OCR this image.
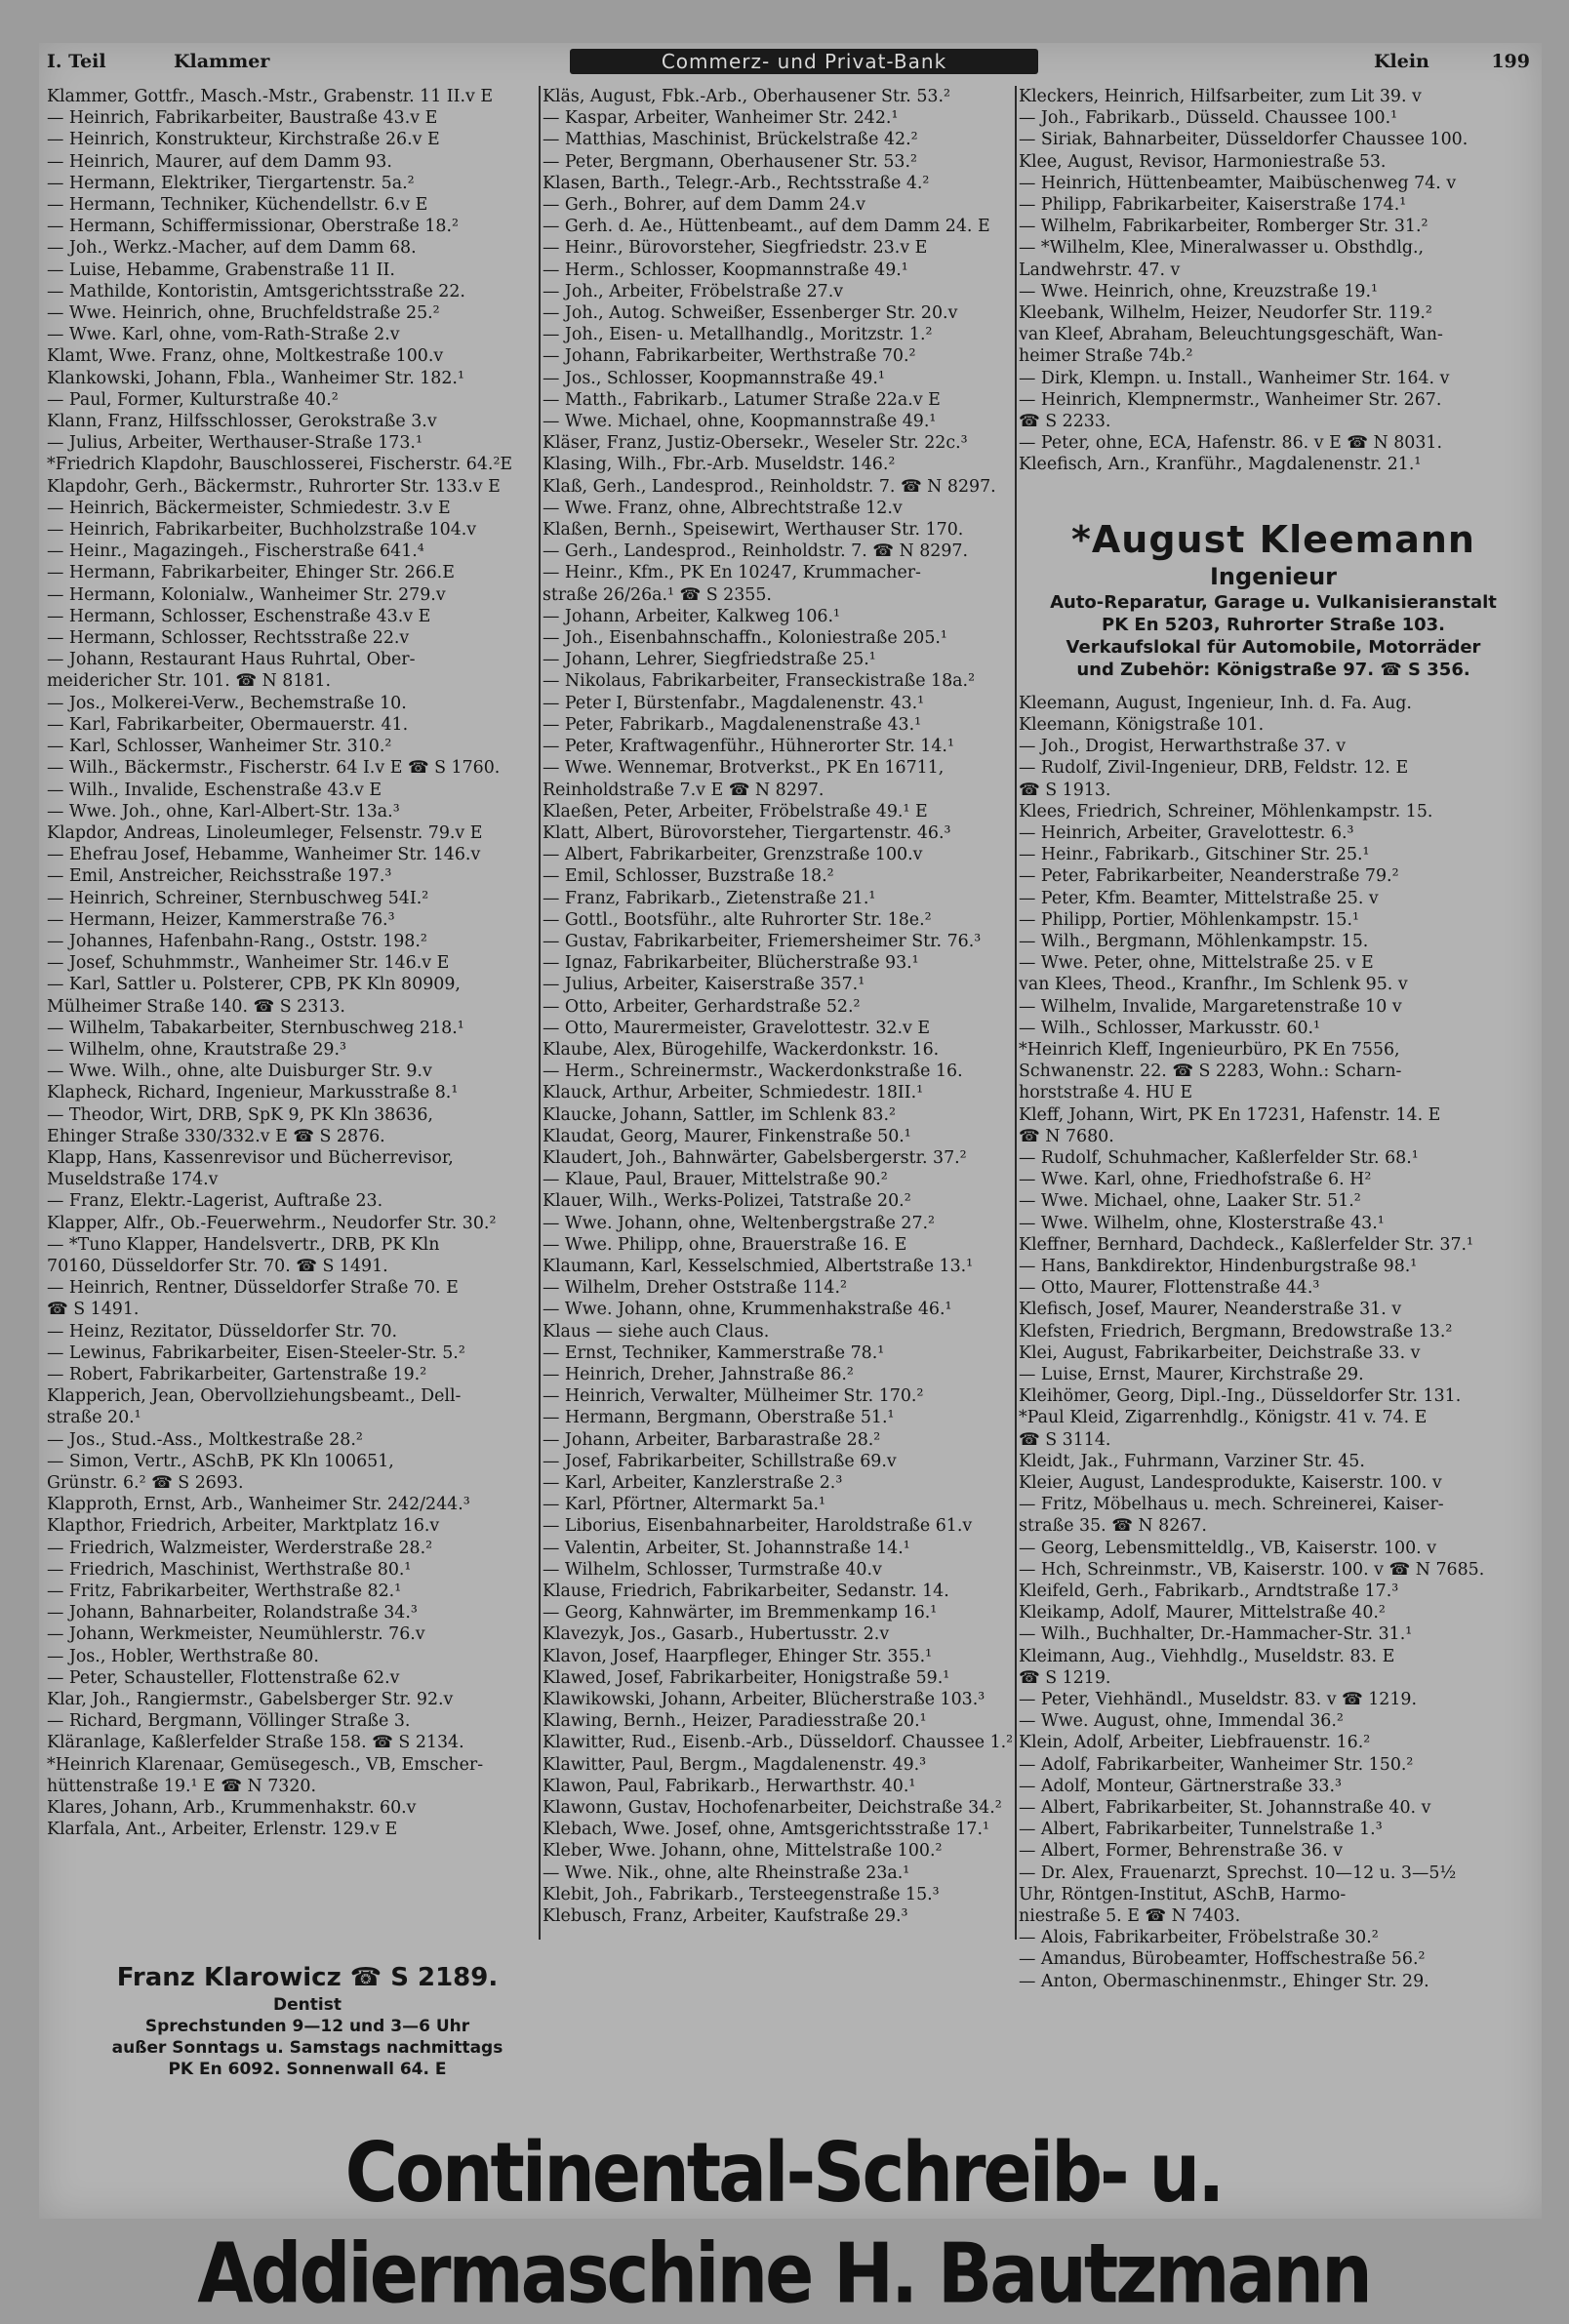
I. Teil	Klammer	Commerz- und Privat-Bank	Klein	199
Klammer, Gottfr., Masch.-Mstr., Grabenstr. 11 II.v E
— Heinrich, Fabrikarbeiter, Baustraße 43.v E
— Heinrich, Konstrukteur, Kirchstraße 26.v E
— Heinrich, Maurer, auf dem Damm 93.
— Hermann, Elektriker, Tiergartenstr. 5a.²
— Hermann, Techniker, Küchendellstr. 6.v E
— Hermann, Schiffermissionar, Oberstraße 18.²
— Joh., Werkz.-Macher, auf dem Damm 68.
— Luise, Hebamme, Grabenstraße 11 II.
— Mathilde, Kontoristin, Amtsgerichtsstraße 22.
— Wwe. Heinrich, ohne, Bruchfeldstraße 25.²
— Wwe. Karl, ohne, vom-Rath-Straße 2.v
Klamt, Wwe. Franz, ohne, Moltkestraße 100.v
Klankowski, Johann, Fbla., Wanheimer Str. 182.¹
— Paul, Former, Kulturstraße 40.²
Klann, Franz, Hilfsschlosser, Gerokstraße 3.v
— Julius, Arbeiter, Werthauser-Straße 173.¹
*Friedrich Klapdohr, Bauschlosserei, Fischerstr. 64.²E
Klapdohr, Gerh., Bäckermstr., Ruhrorter Str. 133.v E
— Heinrich, Bäckermeister, Schmiedestr. 3.v E
— Heinrich, Fabrikarbeiter, Buchholzstraße 104.v
— Heinr., Magazingeh., Fischerstraße 641.⁴
— Hermann, Fabrikarbeiter, Ehinger Str. 266.E
— Hermann, Kolonialw., Wanheimer Str. 279.v
— Hermann, Schlosser, Eschenstraße 43.v E
— Hermann, Schlosser, Rechtsstraße 22.v
— Johann, Restaurant Haus Ruhrtal, Ober-
meidericher Str. 101. ☎ N 8181.
— Jos., Molkerei-Verw., Bechemstraße 10.
— Karl, Fabrikarbeiter, Obermauerstr. 41.
— Karl, Schlosser, Wanheimer Str. 310.²
— Wilh., Bäckermstr., Fischerstr. 64 I.v E ☎ S 1760.
— Wilh., Invalide, Eschenstraße 43.v E
— Wwe. Joh., ohne, Karl-Albert-Str. 13a.³
Klapdor, Andreas, Linoleumleger, Felsenstr. 79.v E
— Ehefrau Josef, Hebamme, Wanheimer Str. 146.v
— Emil, Anstreicher, Reichsstraße 197.³
— Heinrich, Schreiner, Sternbuschweg 54I.²
— Hermann, Heizer, Kammerstraße 76.³
— Johannes, Hafenbahn-Rang., Oststr. 198.²
— Josef, Schuhmmstr., Wanheimer Str. 146.v E
— Karl, Sattler u. Polsterer, CPB, PK Kln 80909,
Mülheimer Straße 140. ☎ S 2313.
— Wilhelm, Tabakarbeiter, Sternbuschweg 218.¹
— Wilhelm, ohne, Krautstraße 29.³
— Wwe. Wilh., ohne, alte Duisburger Str. 9.v
Klapheck, Richard, Ingenieur, Markusstraße 8.¹
— Theodor, Wirt, DRB, SpK 9, PK Kln 38636,
Ehinger Straße 330/332.v E ☎ S 2876.
Klapp, Hans, Kassenrevisor und Bücherrevisor,
Museldstraße 174.v
— Franz, Elektr.-Lagerist, Auftraße 23.
Klapper, Alfr., Ob.-Feuerwehrm., Neudorfer Str. 30.²
— *Tuno Klapper, Handelsvertr., DRB, PK Kln
70160, Düsseldorfer Str. 70. ☎ S 1491.
— Heinrich, Rentner, Düsseldorfer Straße 70. E
☎ S 1491.
— Heinz, Rezitator, Düsseldorfer Str. 70.
— Lewinus, Fabrikarbeiter, Eisen-Steeler-Str. 5.²
— Robert, Fabrikarbeiter, Gartenstraße 19.²
Klapperich, Jean, Obervollziehungsbeamt., Dell-
straße 20.¹
— Jos., Stud.-Ass., Moltkestraße 28.²
— Simon, Vertr., ASchB, PK Kln 100651,
Grünstr. 6.² ☎ S 2693.
Klapproth, Ernst, Arb., Wanheimer Str. 242/244.³
Klapthor, Friedrich, Arbeiter, Marktplatz 16.v
— Friedrich, Walzmeister, Werderstraße 28.²
— Friedrich, Maschinist, Werthstraße 80.¹
— Fritz, Fabrikarbeiter, Werthstraße 82.¹
— Johann, Bahnarbeiter, Rolandstraße 34.³
— Johann, Werkmeister, Neumühlerstr. 76.v
— Jos., Hobler, Werthstraße 80.
— Peter, Schausteller, Flottenstraße 62.v
Klar, Joh., Rangiermstr., Gabelsberger Str. 92.v
— Richard, Bergmann, Völlinger Straße 3.
Kläranlage, Kaßlerfelder Straße 158. ☎ S 2134.
*Heinrich Klarenaar, Gemüsegesch., VB, Emscher-
hüttenstraße 19.¹ E ☎ N 7320.
Klares, Johann, Arb., Krummenhakstr. 60.v
Klarfala, Ant., Arbeiter, Erlenstr. 129.v E
Kläs, August, Fbk.-Arb., Oberhausener Str. 53.²
— Kaspar, Arbeiter, Wanheimer Str. 242.¹
— Matthias, Maschinist, Brückelstraße 42.²
— Peter, Bergmann, Oberhausener Str. 53.²
Klasen, Barth., Telegr.-Arb., Rechtsstraße 4.²
— Gerh., Bohrer, auf dem Damm 24.v
— Gerh. d. Ae., Hüttenbeamt., auf dem Damm 24. E
— Heinr., Bürovorsteher, Siegfriedstr. 23.v E
— Herm., Schlosser, Koopmannstraße 49.¹
— Joh., Arbeiter, Fröbelstraße 27.v
— Joh., Autog. Schweißer, Essenberger Str. 20.v
— Joh., Eisen- u. Metallhandlg., Moritzstr. 1.²
— Johann, Fabrikarbeiter, Werthstraße 70.²
— Jos., Schlosser, Koopmannstraße 49.¹
— Matth., Fabrikarb., Latumer Straße 22a.v E
— Wwe. Michael, ohne, Koopmannstraße 49.¹
Kläser, Franz, Justiz-Obersekr., Weseler Str. 22c.³
Klasing, Wilh., Fbr.-Arb. Museldstr. 146.²
Klaß, Gerh., Landesprod., Reinholdstr. 7. ☎ N 8297.
— Wwe. Franz, ohne, Albrechtstraße 12.v
Klaßen, Bernh., Speisewirt, Werthauser Str. 170.
— Gerh., Landesprod., Reinholdstr. 7. ☎ N 8297.
— Heinr., Kfm., PK En 10247, Krummacher-
straße 26/26a.¹ ☎ S 2355.
— Johann, Arbeiter, Kalkweg 106.¹
— Joh., Eisenbahnschaffn., Koloniestraße 205.¹
— Johann, Lehrer, Siegfriedstraße 25.¹
— Nikolaus, Fabrikarbeiter, Franseckistraße 18a.²
— Peter I, Bürstenfabr., Magdalenenstr. 43.¹
— Peter, Fabrikarb., Magdalenenstraße 43.¹
— Peter, Kraftwagenführ., Hühnerorter Str. 14.¹
— Wwe. Wennemar, Brotverkst., PK En 16711,
Reinholdstraße 7.v E ☎ N 8297.
Klaeßen, Peter, Arbeiter, Fröbelstraße 49.¹ E
Klatt, Albert, Bürovorsteher, Tiergartenstr. 46.³
— Albert, Fabrikarbeiter, Grenzstraße 100.v
— Emil, Schlosser, Buzstraße 18.²
— Franz, Fabrikarb., Zietenstraße 21.¹
— Gottl., Bootsführ., alte Ruhrorter Str. 18e.²
— Gustav, Fabrikarbeiter, Friemersheimer Str. 76.³
— Ignaz, Fabrikarbeiter, Blücherstraße 93.¹
— Julius, Arbeiter, Kaiserstraße 357.¹
— Otto, Arbeiter, Gerhardstraße 52.²
— Otto, Maurermeister, Gravelottestr. 32.v E
Klaube, Alex, Bürogehilfe, Wackerdonkstr. 16.
— Herm., Schreinermstr., Wackerdonkstraße 16.
Klauck, Arthur, Arbeiter, Schmiedestr. 18II.¹
Klaucke, Johann, Sattler, im Schlenk 83.²
Klaudat, Georg, Maurer, Finkenstraße 50.¹
Klaudert, Joh., Bahnwärter, Gabelsbergerstr. 37.²
— Klaue, Paul, Brauer, Mittelstraße 90.²
Klauer, Wilh., Werks-Polizei, Tatstraße 20.²
— Wwe. Johann, ohne, Weltenbergstraße 27.²
— Wwe. Philipp, ohne, Brauerstraße 16. E
Klaumann, Karl, Kesselschmied, Albertstraße 13.¹
— Wilhelm, Dreher Oststraße 114.²
— Wwe. Johann, ohne, Krummenhakstraße 46.¹
Klaus — siehe auch Claus.
— Ernst, Techniker, Kammerstraße 78.¹
— Heinrich, Dreher, Jahnstraße 86.²
— Heinrich, Verwalter, Mülheimer Str. 170.²
— Hermann, Bergmann, Oberstraße 51.¹
— Johann, Arbeiter, Barbarastraße 28.²
— Josef, Fabrikarbeiter, Schillstraße 69.v
— Karl, Arbeiter, Kanzlerstraße 2.³
— Karl, Pförtner, Altermarkt 5a.¹
— Liborius, Eisenbahnarbeiter, Haroldstraße 61.v
— Valentin, Arbeiter, St. Johannstraße 14.¹
— Wilhelm, Schlosser, Turmstraße 40.v
Klause, Friedrich, Fabrikarbeiter, Sedanstr. 14.
— Georg, Kahnwärter, im Bremmenkamp 16.¹
Klavezyk, Jos., Gasarb., Hubertusstr. 2.v
Klavon, Josef, Haarpfleger, Ehinger Str. 355.¹
Klawed, Josef, Fabrikarbeiter, Honigstraße 59.¹
Klawikowski, Johann, Arbeiter, Blücherstraße 103.³
Klawing, Bernh., Heizer, Paradiesstraße 20.¹
Klawitter, Rud., Eisenb.-Arb., Düsseldorf. Chaussee 1.²
Klawitter, Paul, Bergm., Magdalenenstr. 49.³
Klawon, Paul, Fabrikarb., Herwarthstr. 40.¹
Klawonn, Gustav, Hochofenarbeiter, Deichstraße 34.²
Klebach, Wwe. Josef, ohne, Amtsgerichtsstraße 17.¹
Kleber, Wwe. Johann, ohne, Mittelstraße 100.²
— Wwe. Nik., ohne, alte Rheinstraße 23a.¹
Klebit, Joh., Fabrikarb., Tersteegenstraße 15.³
Klebusch, Franz, Arbeiter, Kaufstraße 29.³
Kleckers, Heinrich, Hilfsarbeiter, zum Lit 39. v
— Joh., Fabrikarb., Düsseld. Chaussee 100.¹
— Siriak, Bahnarbeiter, Düsseldorfer Chaussee 100.
Klee, August, Revisor, Harmoniestraße 53.
— Heinrich, Hüttenbeamter, Maibüschenweg 74. v
— Philipp, Fabrikarbeiter, Kaiserstraße 174.¹
— Wilhelm, Fabrikarbeiter, Romberger Str. 31.²
— *Wilhelm, Klee, Mineralwasser u. Obsthdlg.,
Landwehrstr. 47. v
— Wwe. Heinrich, ohne, Kreuzstraße 19.¹
Kleebank, Wilhelm, Heizer, Neudorfer Str. 119.²
van Kleef, Abraham, Beleuchtungsgeschäft, Wan-
heimer Straße 74b.²
— Dirk, Klempn. u. Install., Wanheimer Str. 164. v
— Heinrich, Klempnermstr., Wanheimer Str. 267.
☎ S 2233.
— Peter, ohne, ECA, Hafenstr. 86. v E ☎ N 8031.
Kleefisch, Arn., Kranführ., Magdalenenstr. 21.¹

Kleemann, August, Ingenieur, Inh. d. Fa. Aug.
Kleemann, Königstraße 101.
— Joh., Drogist, Herwarthstraße 37. v
— Rudolf, Zivil-Ingenieur, DRB, Feldstr. 12. E
☎ S 1913.
Klees, Friedrich, Schreiner, Möhlenkampstr. 15.
— Heinrich, Arbeiter, Gravelottestr. 6.³
— Heinr., Fabrikarb., Gitschiner Str. 25.¹
— Peter, Fabrikarbeiter, Neanderstraße 79.²
— Peter, Kfm. Beamter, Mittelstraße 25. v
— Philipp, Portier, Möhlenkampstr. 15.¹
— Wilh., Bergmann, Möhlenkampstr. 15.
— Wwe. Peter, ohne, Mittelstraße 25. v E
van Klees, Theod., Kranfhr., Im Schlenk 95. v
— Wilhelm, Invalide, Margaretenstraße 10 v
— Wilh., Schlosser, Markusstr. 60.¹
*Heinrich Kleff, Ingenieurbüro, PK En 7556,
Schwanenstr. 22. ☎ S 2283, Wohn.: Scharn-
horststraße 4. HU E
Kleff, Johann, Wirt, PK En 17231, Hafenstr. 14. E
☎ N 7680.
— Rudolf, Schuhmacher, Kaßlerfelder Str. 68.¹
— Wwe. Karl, ohne, Friedhofstraße 6. H²
— Wwe. Michael, ohne, Laaker Str. 51.²
— Wwe. Wilhelm, ohne, Klosterstraße 43.¹
Kleffner, Bernhard, Dachdeck., Kaßlerfelder Str. 37.¹
— Hans, Bankdirektor, Hindenburgstraße 98.¹
— Otto, Maurer, Flottenstraße 44.³
Klefisch, Josef, Maurer, Neanderstraße 31. v
Klefsten, Friedrich, Bergmann, Bredowstraße 13.²
Klei, August, Fabrikarbeiter, Deichstraße 33. v
— Luise, Ernst, Maurer, Kirchstraße 29.
Kleihömer, Georg, Dipl.-Ing., Düsseldorfer Str. 131.
*Paul Kleid, Zigarrenhdlg., Königstr. 41 v. 74. E
☎ S 3114.
Kleidt, Jak., Fuhrmann, Varziner Str. 45.
Kleier, August, Landesprodukte, Kaiserstr. 100. v
— Fritz, Möbelhaus u. mech. Schreinerei, Kaiser-
straße 35. ☎ N 8267.
— Georg, Lebensmitteldlg., VB, Kaiserstr. 100. v
— Hch, Schreinmstr., VB, Kaiserstr. 100. v ☎ N 7685.
Kleifeld, Gerh., Fabrikarb., Arndtstraße 17.³
Kleikamp, Adolf, Maurer, Mittelstraße 40.²
— Wilh., Buchhalter, Dr.-Hammacher-Str. 31.¹
Kleimann, Aug., Viehhdlg., Museldstr. 83. E
☎ S 1219.
— Peter, Viehhändl., Museldstr. 83. v ☎ 1219.
— Wwe. August, ohne, Immendal 36.²
Klein, Adolf, Arbeiter, Liebfrauenstr. 16.²
— Adolf, Fabrikarbeiter, Wanheimer Str. 150.²
— Adolf, Monteur, Gärtnerstraße 33.³
— Albert, Fabrikarbeiter, St. Johannstraße 40. v
— Albert, Fabrikarbeiter, Tunnelstraße 1.³
— Albert, Former, Behrenstraße 36. v
— Dr. Alex, Frauenarzt, Sprechst. 10—12 u. 3—5½
Uhr, Röntgen-Institut, ASchB, Harmo-
niestraße 5. E ☎ N 7403.
— Alois, Fabrikarbeiter, Fröbelstraße 30.²
— Amandus, Bürobeamter, Hoffschestraße 56.²
— Anton, Obermaschinenmstr., Ehinger Str. 29.
*August Kleemann
Ingenieur
Auto-Reparatur, Garage u. Vulkanisieranstalt
PK En 5203, Ruhrorter Straße 103.
Verkaufslokal für Automobile, Motorräder
und Zubehör: Königstraße 97. ☎ S 356.
Franz Klarowicz ☎ S 2189.
Dentist
Sprechstunden 9—12 und 3—6 Uhr
außer Sonntags u. Samstags nachmittags
PK En 6092. Sonnenwall 64. E
Continental-Schreib- u. Addiermaschine H. Bautzmann
